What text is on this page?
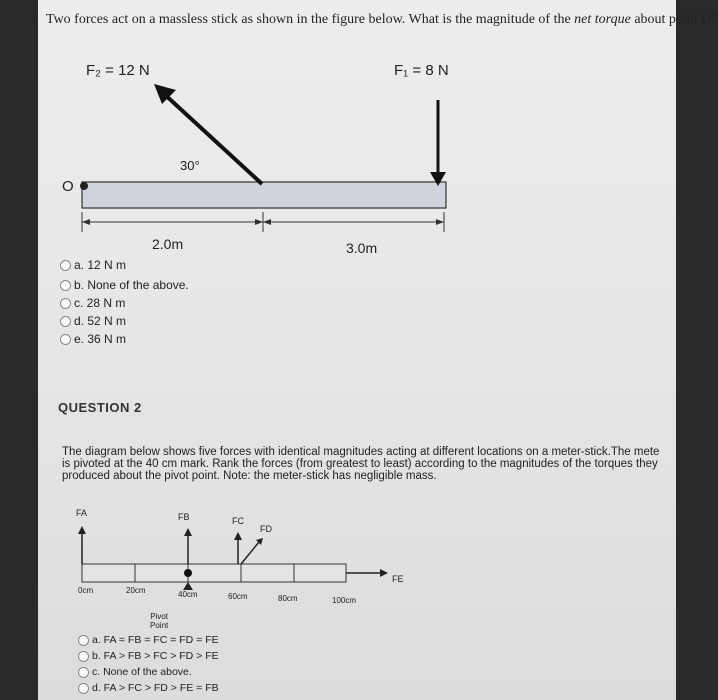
Two forces act on a massless stick as shown in the figure below. What is the magnitude of the net torque about point O?
F₂ = 12 N	F₁ = 8 N
30°
O
2.0m	3.0m
a. 12 N m
b. None of the above.
c. 28 N m
d. 52 N m
e. 36 N m
QUESTION 2
The diagram below shows five forces with identical magnitudes acting at different locations on a meter-stick.The mete
is pivoted at the 40 cm mark. Rank the forces (from greatest to least) according to the magnitudes of the torques they
produced about the pivot point. Note: the meter-stick has negligible mass.
FA	FB	FC
FD
FE
0cm	20cm	40cm	60cm	80cm	100cm
Pivot
Point
a. FA = FB = FC = FD = FE
b. FA > FB > FC > FD > FE
c. None of the above.
d. FA > FC > FD > FE = FB
